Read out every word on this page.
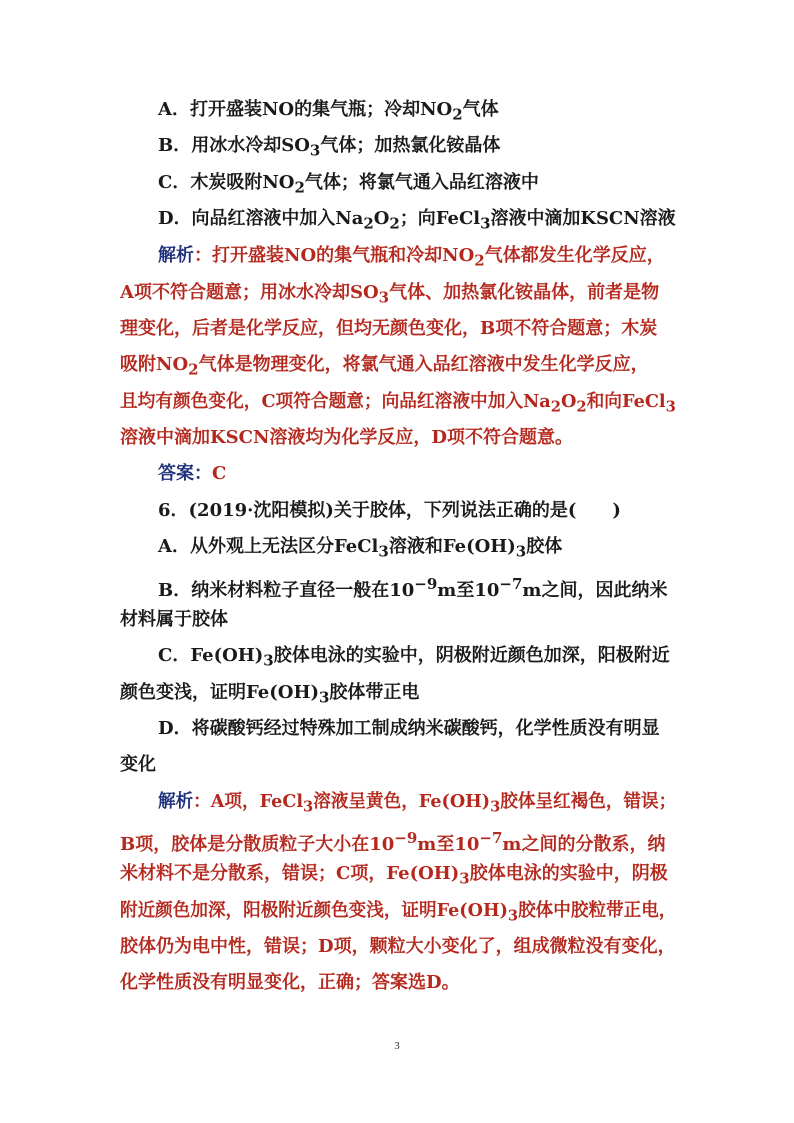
A．打开盛装NO的集气瓶；冷却$NO_2$气体
B．用冰水冷却$SO_3$气体；加热氯化铵晶体
C．木炭吸附$NO_2$气体；将氯气通入品红溶液中
D．向品红溶液中加入$Na_2O_2$；向FeCl$_3$溶液中滴加KSCN溶液
解析：打开盛装NO的集气瓶和冷却$NO_2$气体都发生化学反应，
A项不符合题意；用冰水冷却$SO_3$气体、加热氯化铵晶体，前者是物
理变化，后者是化学反应，但均无颜色变化，B项不符合题意；木炭
吸附$NO_2$气体是物理变化，将氯气通入品红溶液中发生化学反应，
且均有颜色变化，C项符合题意；向品红溶液中加入$Na_2O_2$和向FeCl$_3$
溶液中滴加KSCN溶液均为化学反应，D项不符合题意。
答案：C
6．(2019·沈阳模拟)关于胶体，下列说法正确的是(　　)
A．从外观上无法区分FeCl$_3$溶液和$Fe(OH)_3$胶体
B．纳米材料粒子直径一般在$10^{-9}m$至$10^{-7}m$之间，因此纳米
材料属于胶体
C．$Fe(OH)_3$胶体电泳的实验中，阴极附近颜色加深，阳极附近
颜色变浅，证明$Fe(OH)_3$胶体带正电
D．将碳酸钙经过特殊加工制成纳米碳酸钙，化学性质没有明显
变化
解析：A项，FeCl$_3$溶液呈黄色，$Fe(OH)_3$胶体呈红褐色，错误；
B项，胶体是分散质粒子大小在$10^{-9}m$至$10^{-7}m$之间的分散系，纳
米材料不是分散系，错误；C项，$Fe(OH)_3$胶体电泳的实验中，阴极
附近颜色加深，阳极附近颜色变浅，证明$Fe(OH)_3$胶体中胶粒带正电，
胶体仍为电中性，错误；D项，颗粒大小变化了，组成微粒没有变化，
化学性质没有明显变化，正确；答案选D。
3
